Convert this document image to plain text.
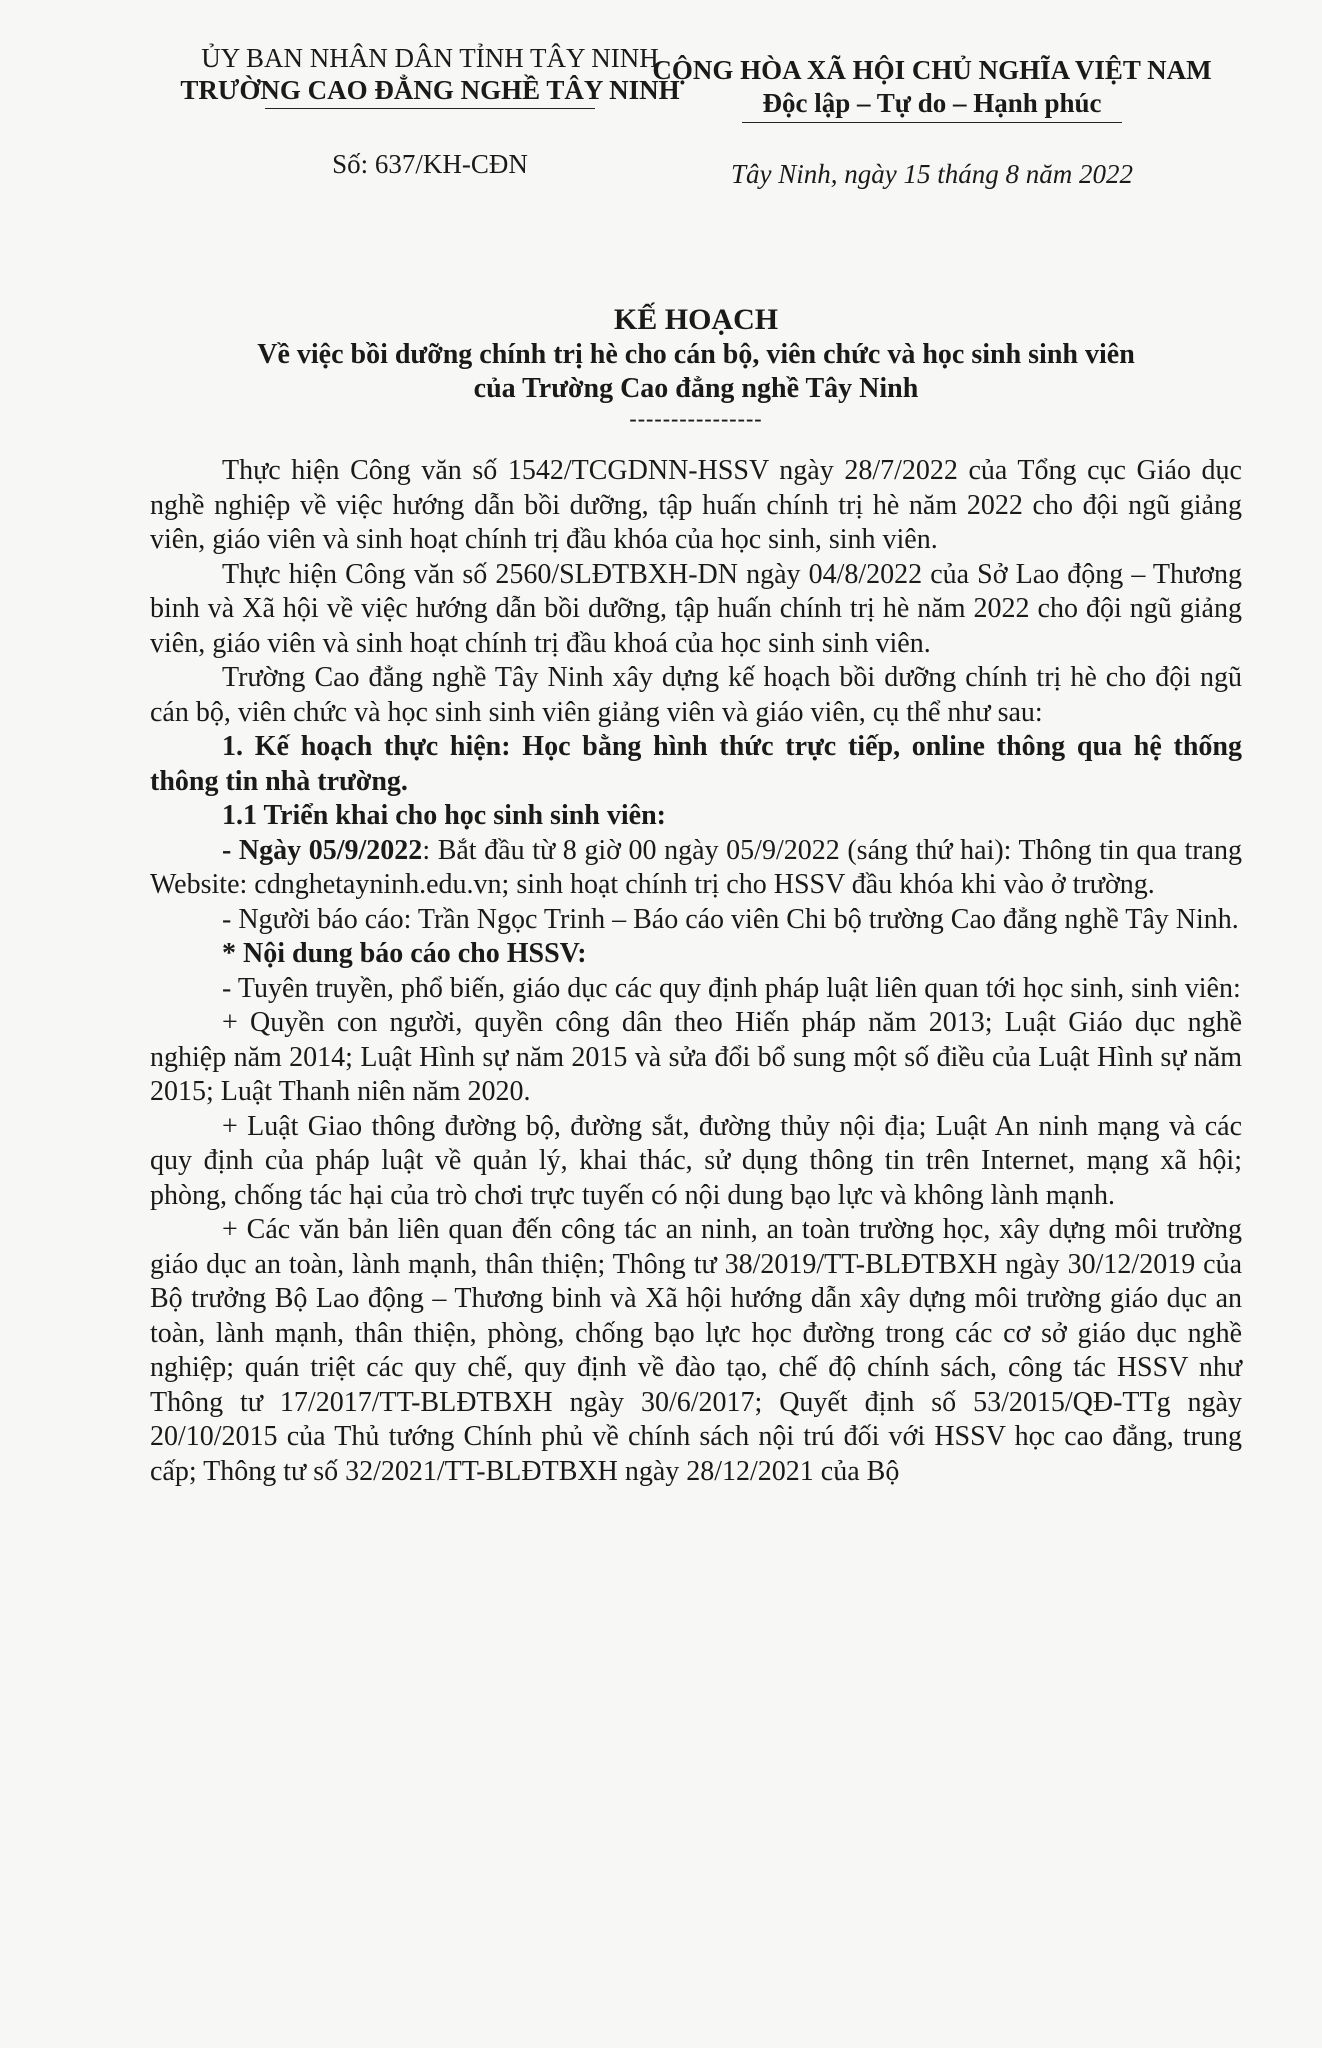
ỦY BAN NHÂN DÂN TỈNH TÂY NINH
TRƯỜNG CAO ĐẲNG NGHỀ TÂY NINH
Số: 637/KH-CĐN
CỘNG HÒA XÃ HỘI CHỦ NGHĨA VIỆT NAM
Độc lập – Tự do – Hạnh phúc
Tây Ninh, ngày 15 tháng 8 năm 2022
KẾ HOẠCH
Về việc bồi dưỡng chính trị hè cho cán bộ, viên chức và học sinh sinh viên
của Trường Cao đẳng nghề Tây Ninh
----------------

Thực hiện Công văn số 1542/TCGDNN-HSSV ngày 28/7/2022 của Tổng cục Giáo dục nghề nghiệp về việc hướng dẫn bồi dưỡng, tập huấn chính trị hè năm 2022 cho đội ngũ giảng viên, giáo viên và sinh hoạt chính trị đầu khóa của học sinh, sinh viên.

Thực hiện Công văn số 2560/SLĐTBXH-DN ngày 04/8/2022 của Sở Lao động – Thương binh và Xã hội về việc hướng dẫn bồi dưỡng, tập huấn chính trị hè năm 2022 cho đội ngũ giảng viên, giáo viên và sinh hoạt chính trị đầu khoá của học sinh sinh viên.

Trường Cao đẳng nghề Tây Ninh xây dựng kế hoạch bồi dưỡng chính trị hè cho đội ngũ cán bộ, viên chức và học sinh sinh viên giảng viên và giáo viên, cụ thể như sau:

1. Kế hoạch thực hiện: Học bằng hình thức trực tiếp, online thông qua hệ thống thông tin nhà trường.

1.1 Triển khai cho học sinh sinh viên:

- Ngày 05/9/2022: Bắt đầu từ 8 giờ 00 ngày 05/9/2022 (sáng thứ hai): Thông tin qua trang Website: cdnghetayninh.edu.vn; sinh hoạt chính trị cho HSSV đầu khóa khi vào ở trường.

- Người báo cáo: Trần Ngọc Trinh – Báo cáo viên Chi bộ trường Cao đẳng nghề Tây Ninh.

* Nội dung báo cáo cho HSSV:

- Tuyên truyền, phổ biến, giáo dục các quy định pháp luật liên quan tới học sinh, sinh viên:

+ Quyền con người, quyền công dân theo Hiến pháp năm 2013; Luật Giáo dục nghề nghiệp năm 2014; Luật Hình sự năm 2015 và sửa đổi bổ sung một số điều của Luật Hình sự năm 2015; Luật Thanh niên năm 2020.

+ Luật Giao thông đường bộ, đường sắt, đường thủy nội địa; Luật An ninh mạng và các quy định của pháp luật về quản lý, khai thác, sử dụng thông tin trên Internet, mạng xã hội; phòng, chống tác hại của trò chơi trực tuyến có nội dung bạo lực và không lành mạnh.

+ Các văn bản liên quan đến công tác an ninh, an toàn trường học, xây dựng môi trường giáo dục an toàn, lành mạnh, thân thiện; Thông tư 38/2019/TT-BLĐTBXH ngày 30/12/2019 của Bộ trưởng Bộ Lao động – Thương binh và Xã hội hướng dẫn xây dựng môi trường giáo dục an toàn, lành mạnh, thân thiện, phòng, chống bạo lực học đường trong các cơ sở giáo dục nghề nghiệp; quán triệt các quy chế, quy định về đào tạo, chế độ chính sách, công tác HSSV như Thông tư 17/2017/TT-BLĐTBXH ngày 30/6/2017; Quyết định số 53/2015/QĐ-TTg ngày 20/10/2015 của Thủ tướng Chính phủ về chính sách nội trú đối với HSSV học cao đẳng, trung cấp; Thông tư số 32/2021/TT-BLĐTBXH ngày 28/12/2021 của Bộ
